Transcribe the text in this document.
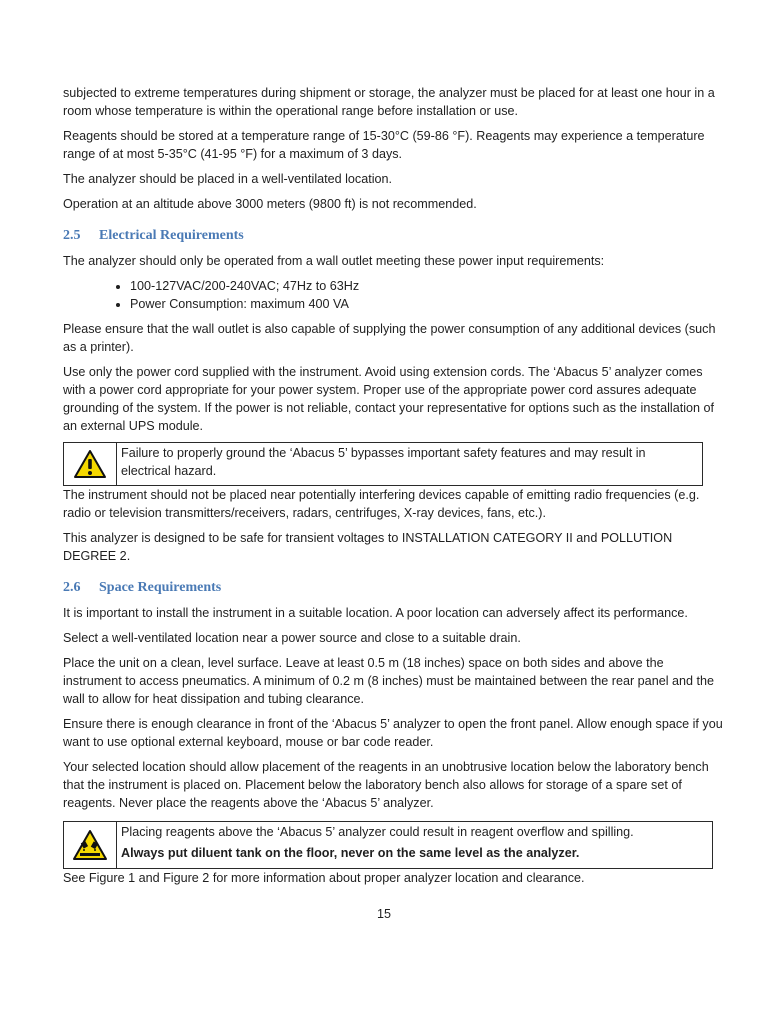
subjected to extreme temperatures during shipment or storage, the analyzer must be placed for at least one hour in a room whose temperature is within the operational range before installation or use.

Reagents should be stored at a temperature range of 15-30°C (59-86 °F). Reagents may experience a temperature range of at most 5-35°C (41-95 °F) for a maximum of 3 days.

The analyzer should be placed in a well-ventilated location.

Operation at an altitude above 3000 meters (9800 ft) is not recommended.

2.5 Electrical Requirements

The analyzer should only be operated from a wall outlet meeting these power input requirements:

• 100-127VAC/200-240VAC; 47Hz to 63Hz
• Power Consumption: maximum 400 VA

Please ensure that the wall outlet is also capable of supplying the power consumption of any additional devices (such as a printer).

Use only the power cord supplied with the instrument. Avoid using extension cords. The ‘Abacus 5’ analyzer comes with a power cord appropriate for your power system. Proper use of the appropriate power cord assures adequate grounding of the system. If the power is not reliable, contact your representative for options such as the installation of an external UPS module.

Failure to properly ground the ‘Abacus 5’ bypasses important safety features and may result in electrical hazard.

The instrument should not be placed near potentially interfering devices capable of emitting radio frequencies (e.g. radio or television transmitters/receivers, radars, centrifuges, X-ray devices, fans, etc.).

This analyzer is designed to be safe for transient voltages to INSTALLATION CATEGORY II and POLLUTION DEGREE 2.

2.6 Space Requirements

It is important to install the instrument in a suitable location. A poor location can adversely affect its performance.

Select a well-ventilated location near a power source and close to a suitable drain.

Place the unit on a clean, level surface. Leave at least 0.5 m (18 inches) space on both sides and above the instrument to access pneumatics. A minimum of 0.2 m (8 inches) must be maintained between the rear panel and the wall to allow for heat dissipation and tubing clearance.

Ensure there is enough clearance in front of the ‘Abacus 5’ analyzer to open the front panel. Allow enough space if you want to use optional external keyboard, mouse or bar code reader.

Your selected location should allow placement of the reagents in an unobtrusive location below the laboratory bench that the instrument is placed on. Placement below the laboratory bench also allows for storage of a spare set of reagents. Never place the reagents above the ‘Abacus 5’ analyzer.

Placing reagents above the ‘Abacus 5’ analyzer could result in reagent overflow and spilling.

Always put diluent tank on the floor, never on the same level as the analyzer.

See Figure 1 and Figure 2 for more information about proper analyzer location and clearance.

15
